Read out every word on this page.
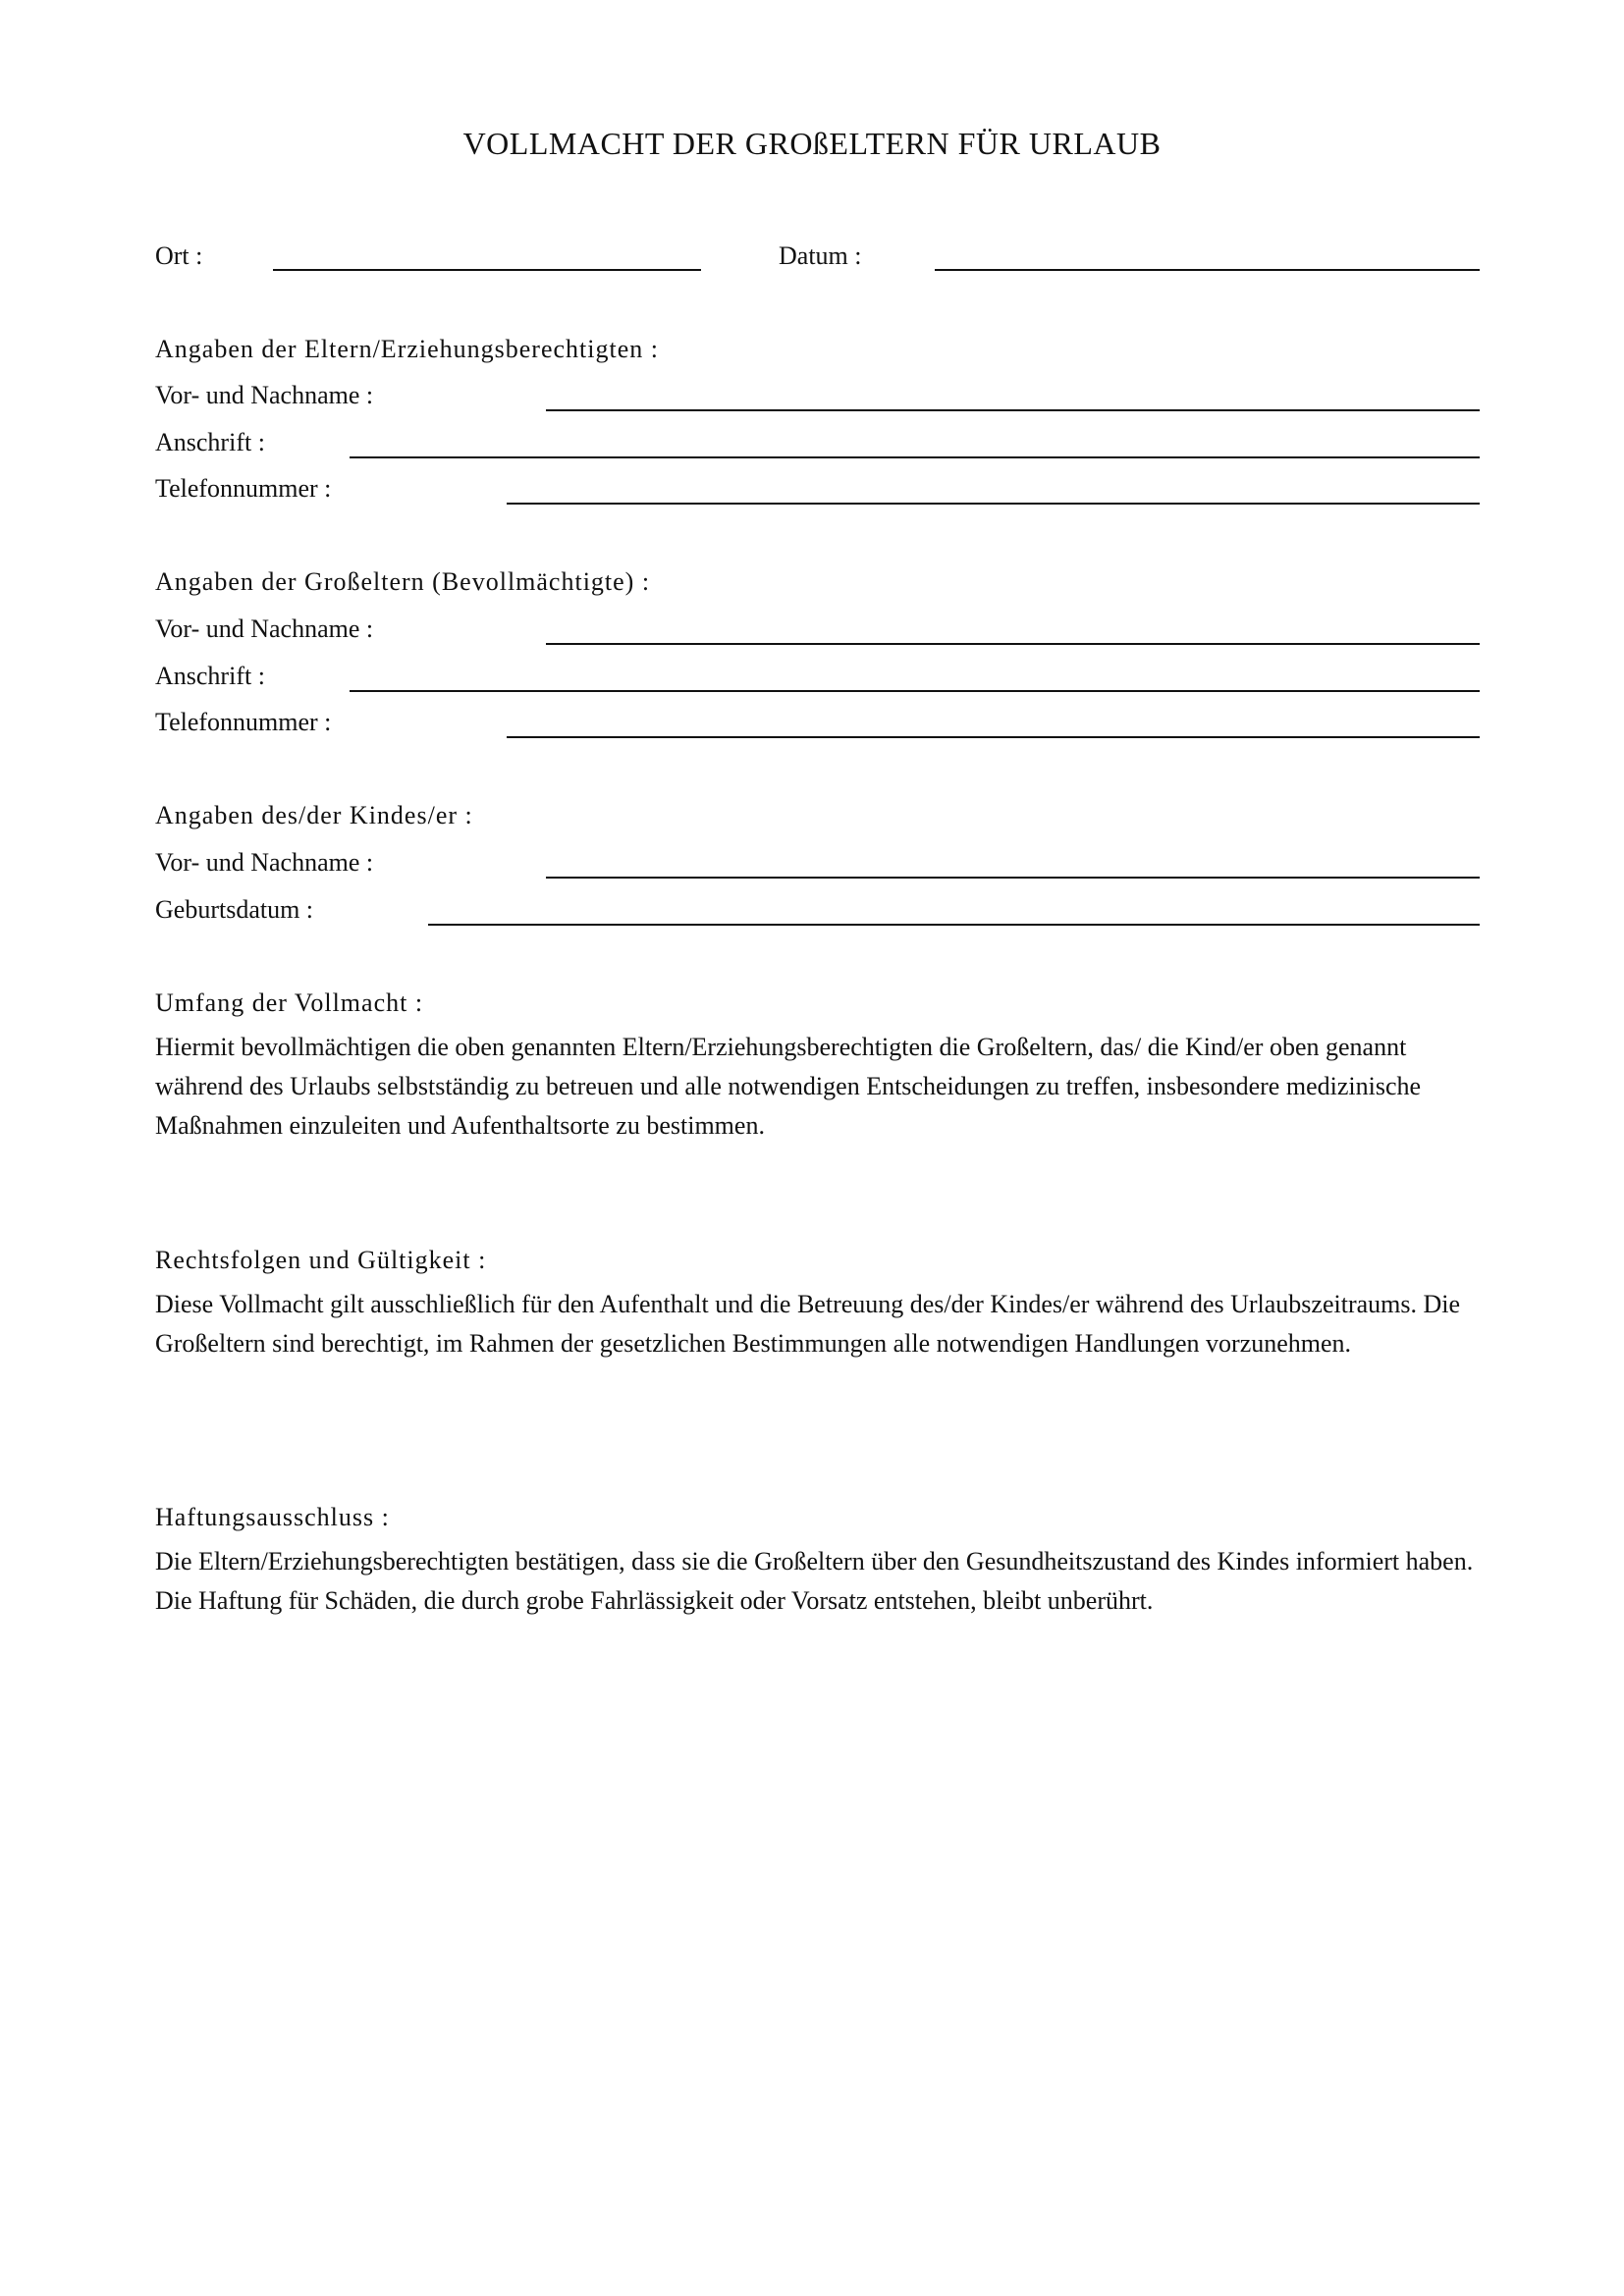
VOLLMACHT DER GROßELTERN FÜR URLAUB
Ort :	Datum :
Angaben der Eltern/Erziehungsberechtigten :
Vor- und Nachname :
Anschrift :
Telefonnummer :
Angaben der Großeltern (Bevollmächtigte) :
Vor- und Nachname :
Anschrift :
Telefonnummer :
Angaben des/der Kindes/er :
Vor- und Nachname :
Geburtsdatum :
Umfang der Vollmacht :
Hiermit bevollmächtigen die oben genannten Eltern/Erziehungsberechtigten die Großeltern, das/ die Kind/er oben genannt während des Urlaubs selbstständig zu betreuen und alle notwendigen Entscheidungen zu treffen, insbesondere medizinische Maßnahmen einzuleiten und Aufenthaltsorte zu bestimmen.
Rechtsfolgen und Gültigkeit :
Diese Vollmacht gilt ausschließlich für den Aufenthalt und die Betreuung des/der Kindes/er während des Urlaubszeitraums. Die Großeltern sind berechtigt, im Rahmen der gesetzlichen Bestimmungen alle notwendigen Handlungen vorzunehmen.
Haftungsausschluss :
Die Eltern/Erziehungsberechtigten bestätigen, dass sie die Großeltern über den Gesundheitszustand des Kindes informiert haben. Die Haftung für Schäden, die durch grobe Fahrlässigkeit oder Vorsatz entstehen, bleibt unberührt.
